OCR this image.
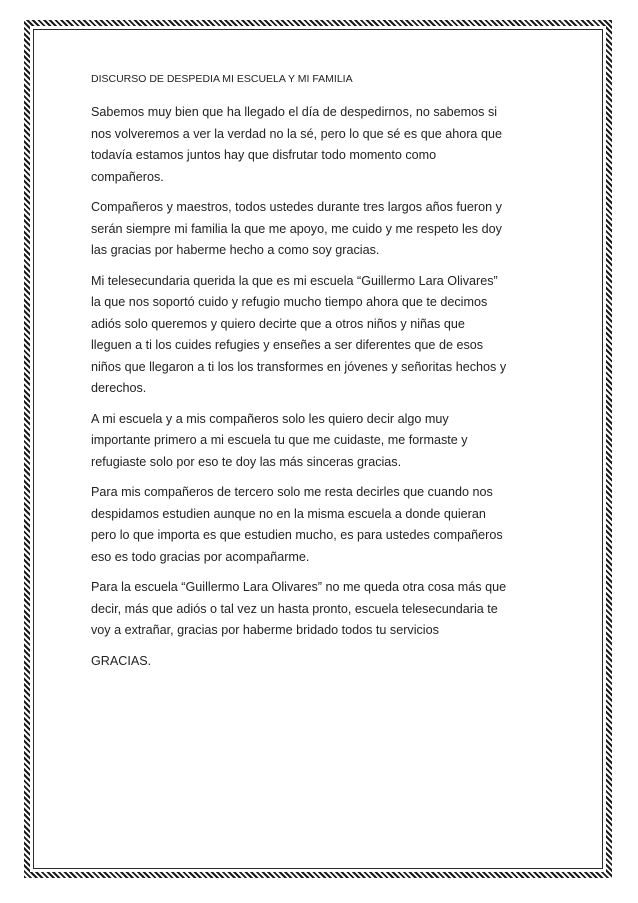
DISCURSO DE DESPEDIA MI ESCUELA Y MI FAMILIA
Sabemos muy bien que ha llegado el día de despedirnos, no sabemos si
nos volveremos a ver la verdad no la sé, pero lo que sé es que ahora que
todavía estamos juntos hay que disfrutar todo momento como
compañeros.
Compañeros y maestros, todos ustedes durante tres largos años fueron y
serán siempre mi familia la que me apoyo, me cuido y me respeto les doy
las gracias por haberme hecho a como soy gracias.
Mi telesecundaria querida la que es mi escuela “Guillermo Lara Olivares”
la que nos soportó cuido y refugio mucho tiempo ahora que te decimos
adiós solo queremos y quiero decirte que a otros niños y niñas que
lleguen a ti los cuides refugies y enseñes a ser diferentes que de esos
niños que llegaron a ti los los transformes en jóvenes y señoritas hechos y
derechos.
A mi escuela y a mis compañeros solo les quiero decir algo muy
importante primero a mi escuela tu que me cuidaste, me formaste y
refugiaste solo por eso te doy las más sinceras gracias.
Para mis compañeros de tercero solo me resta decirles que cuando nos
despidamos estudien aunque no en la misma escuela a donde quieran
pero lo que importa es que estudien mucho, es para ustedes compañeros
eso es todo gracias por acompañarme.
Para la escuela “Guillermo Lara Olivares” no me queda otra cosa más que
decir, más que adiós o tal vez un hasta pronto, escuela telesecundaria te
voy a extrañar, gracias por haberme bridado todos tu servicios
GRACIAS.
